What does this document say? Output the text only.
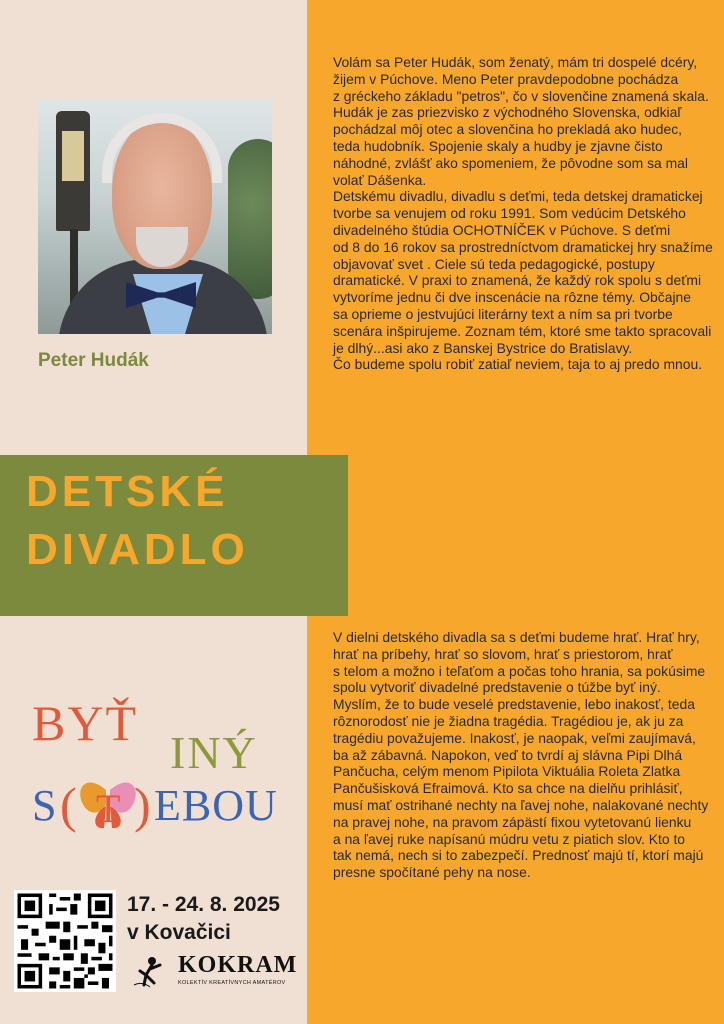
Peter Hudák

Volám sa Peter Hudák, som ženatý, mám tri dospelé dcéry,
žijem v Púchove. Meno Peter pravdepodobne pochádza
z gréckeho základu "petros", čo v slovenčine znamená skala.
Hudák je zas priezvisko z východného Slovenska, odkiaľ
pochádzal môj otec a slovenčina ho prekladá ako hudec,
teda hudobník. Spojenie skaly a hudby je zjavne čisto
náhodné, zvlášť ako spomeniem, že pôvodne som sa mal
volať Dášenka.

Detskému divadlu, divadlu s deťmi, teda detskej dramatickej
tvorbe sa venujem od roku 1991. Som vedúcim Detského
divadelného štúdia OCHOTNÍČEK v Púchove. S deťmi
od 8 do 16 rokov sa prostredníctvom dramatickej hry snažíme
objavovať svet . Ciele sú teda pedagogické, postupy
dramatické. V praxi to znamená, že každý rok spolu s deťmi
vytvoríme jednu či dve inscenácie na rôzne témy. Občajne
sa oprieme o jestvujúci literárny text a ním sa pri tvorbe
scenára inšpirujeme. Zoznam tém, ktoré sme takto spracovali
je dlhý...asi ako z Banskej Bystrice do Bratislavy.

Čo budeme spolu robiť zatiaľ neviem, taja to aj predo mnou.

DETSKÉ
DIVADLO
BYŤ
INÝ
S ( T ) EBOU

V dielni detského divadla sa s deťmi budeme hrať. Hrať hry,
hrať na príbehy, hrať so slovom, hrať s priestorom, hrať
s telom a možno i teľaťom a počas toho hrania, sa pokúsime
spolu vytvoriť divadelné predstavenie o túžbe byť iný.
Myslím, že to bude veselé predstavenie, lebo inakosť, teda
rôznorodosť nie je žiadna tragédia. Tragédiou je, ak ju za
tragédiu považujeme. Inakosť, je naopak, veľmi zaujímavá,
ba až zábavná. Napokon, veď to tvrdí aj slávna Pipi Dlhá
Pančucha, celým menom Pipilota Viktuália Roleta Zlatka
Pančušisková Efraimová. Kto sa chce na dielňu prihlásiť,
musí mať ostrihané nechty na ľavej nohe, nalakované nechty
na pravej nohe, na pravom zápästí fixou vytetovanú lienku
a na ľavej ruke napísanú múdru vetu z piatich slov. Kto to
tak nemá, nech si to zabezpečí. Prednosť majú tí, ktorí majú
presne spočítané pehy na nose.

17. - 24. 8. 2025
v Kovačici
KOKRAM
KOLEKTÍV KREATÍVNYCH AMATÉROV
